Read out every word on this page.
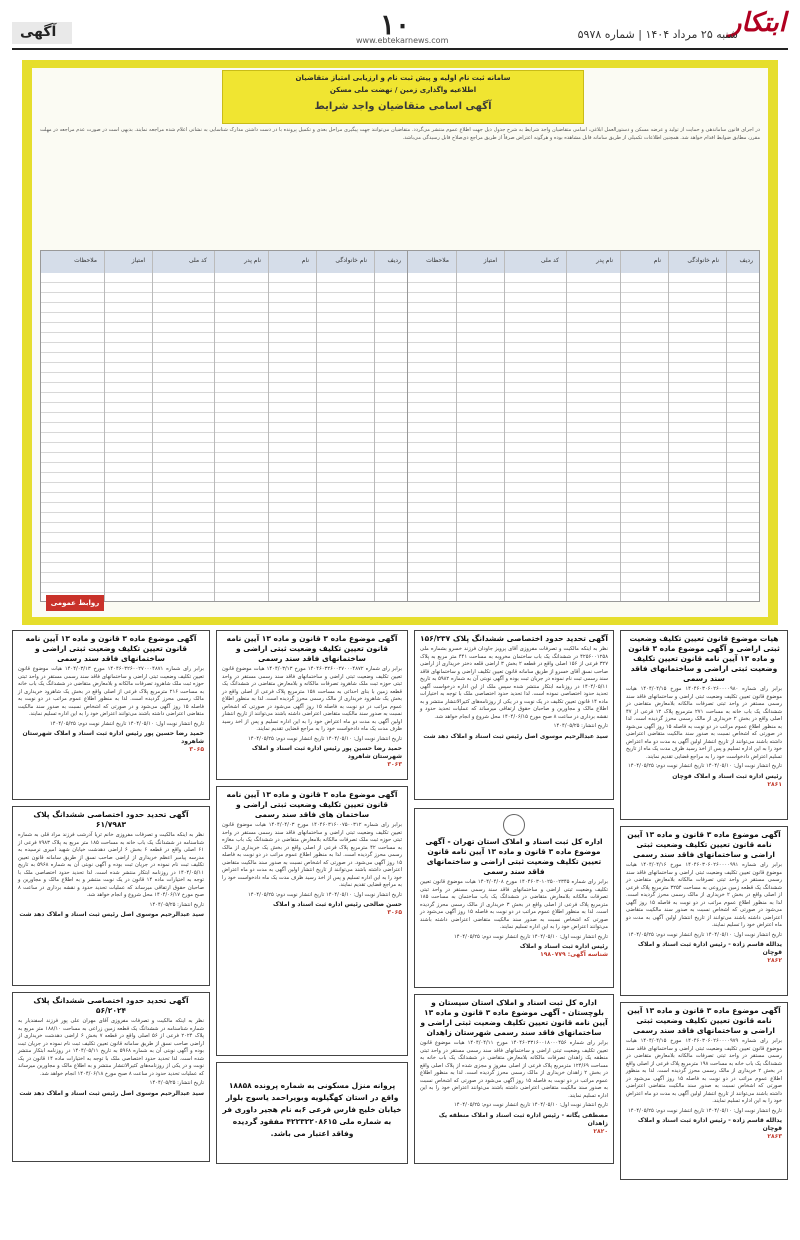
ابتکار
شنبه ۲۵ مرداد ۱۴۰۴ | شماره ۵۹۷۸
۱۰
www.ebtekarnews.com
آگهی
سامانه ثبت نام اولیه و پیش ثبت نام و ارزیابی امتیاز متقاضیان
اطلاعیه واگذاری زمین / نهضت ملی مسکن
آگهی اسامی متقاضیان واجد شرایط
در اجرای قانون ساماندهی و حمایت از تولید و عرضه مسکن و دستورالعمل ابلاغی، اسامی متقاضیان واجد شرایط به شرح جدول ذیل جهت اطلاع عموم منتشر می‌گردد. متقاضیان می‌توانند جهت پیگیری مراحل بعدی و تکمیل پرونده با در دست داشتن مدارک شناسایی به نشانی اعلام شده مراجعه نمایند. بدیهی است در صورت عدم مراجعه در مهلت مقرر، مطابق ضوابط اقدام خواهد شد. همچنین اطلاعات تکمیلی از طریق سامانه قابل مشاهده بوده و هرگونه اعتراض صرفاً از طریق مراجع ذی‌صلاح قابل رسیدگی می‌باشد.
ردیف
نام خانوادگی
نام
نام پدر
کد ملی
امتیاز
ملاحظات
ردیف
نام خانوادگی
نام
نام پدر
کد ملی
امتیاز
ملاحظات
روابط عمومی
هیات موضوع قانون تعیین تکلیف وضعیت ثبتی اراضی و آگهی موضوع ماده ۳ قانون و ماده ۱۳ آیین نامه قانون تعیین تکلیف وضعیت ثبتی اراضی و ساختمانهای فاقد سند رسمی
برابر رای شماره ۱۴۰۴۶۰۳۰۶۰۲۶۰۰۰۰۹۸۰ مورخ ۱۴۰۴/۰۴/۱۵ هیات موضوع قانون تعیین تکلیف وضعیت ثبتی اراضی و ساختمانهای فاقد سند رسمی مستقر در واحد ثبتی تصرفات مالکانه بلامعارض متقاضی در ششدانگ یک باب خانه به مساحت ۲۷۱ مترمربع پلاک ۱۲ فرعی از ۴۷ اصلی واقع در بخش ۲ خریداری از مالک رسمی محرز گردیده است. لذا به منظور اطلاع عموم مراتب در دو نوبت به فاصله ۱۵ روز آگهی می‌شود در صورتی که اشخاص نسبت به صدور سند مالکیت متقاضی اعتراضی داشته باشند می‌توانند از تاریخ انتشار اولین آگهی به مدت دو ماه اعتراض خود را به این اداره تسلیم و پس از اخذ رسید ظرف مدت یک ماه از تاریخ تسلیم اعتراض دادخواست خود را به مراجع قضایی تقدیم نمایند.
تاریخ انتشار نوبت اول: ۱۴۰۴/۰۵/۱۰ تاریخ انتشار نوبت دوم: ۱۴۰۴/۰۵/۲۵
رئیس اداره ثبت اسناد و املاک قوچان
۲۸۶۱
آگهی تحدید حدود اختصاصی ششدانگ پلاک ۱۵۶/۲۳۷
نظر به اینکه مالکیت و تصرفات مفروزی آقای پرویز جاودان فرزند خسرو بشماره ملی ۴۲۵۶۰۰۱۲۵۸ در ششدانگ یک باب ساختمان مخروبه به مساحت ۴۴۱ متر مربع به پلاک ۳۲۷ فرعی از ۱۵۶ اصلی واقع در قطعه ۲ بخش ۳ اراضی قلعه دختر خریداری از اراضی صاحب نسق آقای خسرو از طریق سامانه قانون تعیین تکلیف اراضی و ساختمانهای فاقد سند رسمی ثبت نام نموده در جریان ثبت بوده و آگهی نوبتی آن به شماره ۵۹۸۲ به تاریخ ۱۴۰۴/۰۵/۱۱ در روزنامه ابتکار منتشر شده سپس ملک از این اداره درخواست آگهی تحدید حدود اختصاصی نموده است. لذا تحدید حدود اختصاصی ملک با توجه به اختیارات ماده ۱۴ قانون تعیین تکلیف در یک نوبت و در یکی از روزنامه‌های کثیرالانتشار منتشر و به اطلاع مالک و مجاورین و صاحبان حقوق ارتفاقی میرساند که عملیات تحدید حدود و نقشه برداری در ساعت ۸ صبح مورخ ۱۴۰۴/۰۶/۱۵ محل شروع و انجام خواهد شد.
تاریخ انتشار: ۱۴۰۴/۰۵/۲۵
سید عبدالرحیم موسوی اصل رئیس ثبت اسناد و املاک دهد شت
آگهی موضوع ماده ۳ قانون و ماده ۱۳ آیین نامه قانون تعیین تکلیف وضعیت ثبتی اراضی و ساختمانهای فاقد سند رسمی
برابر رای شماره ۱۴۰۴۶۰۳۲۶۰۰۲۷۰۰۰۴۸۷۲ مورخ ۱۴۰۴/۰۳/۱۳ هیات موضوع قانون تعیین تکلیف وضعیت ثبتی اراضی و ساختمانهای فاقد سند رسمی مستقر در واحد ثبتی حوزه ثبت ملک شاهرود تصرفات مالکانه و بلامعارض متقاضی در ششدانگ یک قطعه زمین با بنای احداثی به مساحت ۱۵۸ مترمربع پلاک فرعی از اصلی واقع در بخش یک شاهرود خریداری از مالک رسمی محرز گردیده است. لذا به منظور اطلاع عموم مراتب در دو نوبت به فاصله ۱۵ روز آگهی می‌شود در صورتی که اشخاص نسبت به صدور سند مالکیت متقاضی اعتراضی داشته باشند می‌توانند از تاریخ انتشار اولین آگهی به مدت دو ماه اعتراض خود را به این اداره تسلیم و پس از اخذ رسید ظرف مدت یک ماه دادخواست خود را به مراجع قضایی تقدیم نمایند.
تاریخ انتشار نوبت اول: ۱۴۰۴/۰۵/۱۰ تاریخ انتشار نوبت دوم: ۱۴۰۴/۰۵/۲۵
حمید رضا حسین پور رئیس اداره ثبت اسناد و املاک شهرستان شاهرود
۳۰۶۳
آگهی موضوع ماده ۳ قانون و ماده ۱۳ آیین نامه قانون تعیین تکلیف وضعیت ثبتی اراضی و ساختمانهای فاقد سند رسمی
برابر رای شماره ۱۴۰۴۶۰۳۲۶۰۰۲۷۰۰۰۴۸۷۱ مورخ ۱۴۰۴/۰۳/۱۳ هیات موضوع قانون تعیین تکلیف وضعیت ثبتی اراضی و ساختمانهای فاقد سند رسمی مستقر در واحد ثبتی حوزه ثبت ملک شاهرود تصرفات مالکانه و بلامعارض متقاضی در ششدانگ یک باب خانه به مساحت ۲۱۶ مترمربع پلاک فرعی از اصلی واقع در بخش یک شاهرود خریداری از مالک رسمی محرز گردیده است. لذا به منظور اطلاع عموم مراتب در دو نوبت به فاصله ۱۵ روز آگهی می‌شود و در صورتی که اشخاص نسبت به صدور سند مالکیت متقاضی اعتراضی داشته باشند می‌توانند اعتراض خود را به این اداره تسلیم نمایند.
تاریخ انتشار نوبت اول: ۱۴۰۴/۰۵/۱۰ تاریخ انتشار نوبت دوم: ۱۴۰۴/۰۵/۲۵
حمید رضا حسین پور رئیس اداره ثبت اسناد و املاک شهرستان شاهرود
۳۰۶۵
آگهی موضوع ماده ۳ قانون و ماده ۱۳ آیین نامه قانون تعیین تکلیف وضعیت ثبتی اراضی و ساختمانهای فاقد سند رسمی
برابر رای شماره ۱۴۰۴۶۰۳۰۶۰۲۶۰۰۰۰۹۹۱ مورخ ۱۴۰۴/۰۴/۱۶ هیات موضوع قانون تعیین تکلیف وضعیت ثبتی اراضی و ساختمانهای فاقد سند رسمی مستقر در واحد ثبتی تصرفات مالکانه بلامعارض متقاضی در ششدانگ یک قطعه زمین مزروعی به مساحت ۳۲۵۴ مترمربع پلاک فرعی از اصلی واقع در بخش ۲ خریداری از مالک رسمی محرز گردیده است. لذا به منظور اطلاع عموم مراتب در دو نوبت به فاصله ۱۵ روز آگهی می‌شود در صورتی که اشخاص نسبت به صدور سند مالکیت متقاضی اعتراضی داشته باشند می‌توانند از تاریخ انتشار اولین آگهی به مدت دو ماه اعتراض خود را تسلیم نمایند.
تاریخ انتشار نوبت اول: ۱۴۰۴/۰۵/۱۰ تاریخ انتشار نوبت دوم: ۱۴۰۴/۰۵/۲۵
یدالله قاسم زاده - رئیس اداره ثبت اسناد و املاک قوچان
۲۸۶۲
اداره کل ثبت اسناد و املاک استان تهران - آگهی موضوع ماده ۳ قانون و ماده ۱۳ آیین نامه قانون تعیین تکلیف وضعیت ثبتی اراضی و ساختمانهای فاقد سند رسمی
برابر رای شماره ۱۴۰۴۶۰۳۰۱۰۲۵۰۰۲۳۴۵ مورخ ۱۴۰۴/۰۴/۰۸ هیات موضوع قانون تعیین تکلیف وضعیت ثبتی اراضی و ساختمانهای فاقد سند رسمی مستقر در واحد ثبتی تصرفات مالکانه بلامعارض متقاضی در ششدانگ یک باب ساختمان به مساحت ۱۸۵ مترمربع پلاک فرعی از اصلی واقع در بخش ۳ خریداری از مالک رسمی محرز گردیده است. لذا به منظور اطلاع عموم مراتب در دو نوبت به فاصله ۱۵ روز آگهی می‌شود در صورتی که اشخاص نسبت به صدور سند مالکیت متقاضی اعتراضی داشته باشند می‌توانند اعتراض خود را به این اداره تسلیم نمایند.
تاریخ انتشار نوبت اول: ۱۴۰۴/۰۵/۱۰ تاریخ انتشار نوبت دوم: ۱۴۰۴/۰۵/۲۵
رئیس اداره ثبت اسناد و املاک
شناسه آگهی: ۱۹۸۰۷۷۹
آگهی موضوع ماده ۳ قانون و ماده ۱۳ آیین نامه قانون تعیین تکلیف وضعیت ثبتی اراضی و ساختمان های فاقد سند رسمی
برابر رای شماره ۱۴۰۴۶۰۳۱۶۰۰۷۵۰۰۳۱۲ مورخ ۱۴۰۴/۰۴/۰۳ هیات موضوع قانون تعیین تکلیف وضعیت ثبتی اراضی و ساختمانهای فاقد سند رسمی مستقر در واحد ثبتی حوزه ثبت ملک تصرفات مالکانه بلامعارض متقاضی در ششدانگ یک باب مغازه به مساحت ۴۲ مترمربع پلاک فرعی از اصلی واقع در بخش یک خریداری از مالک رسمی محرز گردیده است. لذا به منظور اطلاع عموم مراتب در دو نوبت به فاصله ۱۵ روز آگهی می‌شود. در صورتی که اشخاص نسبت به صدور سند مالکیت متقاضی اعتراضی داشته باشند می‌توانند از تاریخ انتشار اولین آگهی به مدت دو ماه اعتراض خود را به این اداره تسلیم و پس از اخذ رسید ظرف مدت یک ماه دادخواست خود را به مراجع قضایی تقدیم نمایند.
تاریخ انتشار نوبت اول: ۱۴۰۴/۰۵/۱۰ تاریخ انتشار نوبت دوم: ۱۴۰۴/۰۵/۲۵
حسن صالحی رئیس اداره ثبت اسناد و املاک
۳۰۶۵
آگهی تحدید حدود اختصاصی ششدانگ پلاک ۶۱/۷۹۸۳
نظر به اینکه مالکیت و تصرفات مفروزی خانم ثریا آذرشب فرزند مراد قلی به شماره شناسنامه در ششدانگ یک باب خانه به مساحت ۱۸۵ متر مربع به پلاک ۷۹۸۳ فرعی از ۶۱ اصلی واقع در قطعه ۶ بخش ۶ اراضی دهدشت خیابان شهید امیری نرسیده به مدرسه پیامبر اعظم خریداری از اراضی صاحب نسق از طریق سامانه قانون تعیین تکلیف ثبت نام نموده در جریان ثبت بوده و آگهی نوبتی آن به شماره ۵۹۶۸ به تاریخ ۱۴۰۴/۰۵/۱۱ در روزنامه ابتکار منتشر شده است. لذا تحدید حدود اختصاصی ملک با توجه به اختیارات ماده ۱۴ قانون در یک نوبت منتشر و به اطلاع مالک و مجاورین و صاحبان حقوق ارتفاقی میرساند که عملیات تحدید حدود و نقشه برداری در ساعت ۸ صبح مورخ ۱۴۰۴/۰۶/۱۷ محل شروع و انجام خواهد شد.
تاریخ انتشار: ۱۴۰۴/۰۵/۲۵
سید عبدالرحیم موسوی اصل رئیس ثبت اسناد و املاک دهد شت
آگهی تحدید حدود اختصاصی ششدانگ پلاک ۵۶/۲۰۲۴
نظر به اینکه مالکیت و تصرفات مفروزی آقای مهران علی پور فرزند اسفندیار به شماره شناسنامه در ششدانگ یک قطعه زمین زراعی به مساحت ۱۸۸/۱۰ متر مربع به پلاک ۲۰۲۴ فرعی از ۵۶ اصلی واقع در قطعه ۷ بخش ۶ اراضی دهدشت خریداری از اراضی صاحب نسق از طریق سامانه قانون تعیین تکلیف ثبت نام نموده در جریان ثبت بوده و آگهی نوبتی آن به شماره ۵۹۶۸ به تاریخ ۱۴۰۴/۰۵/۱۱ در روزنامه ابتکار منتشر شده است. لذا تحدید حدود اختصاصی ملک با توجه به اختیارات ماده ۱۴ قانون در یک نوبت و در یکی از روزنامه‌های کثیرالانتشار منتشر و به اطلاع مالک و مجاورین میرساند که عملیات تحدید حدود در ساعت ۸ صبح مورخ ۱۴۰۴/۰۶/۱۸ انجام خواهد شد.
تاریخ انتشار: ۱۴۰۴/۰۵/۲۵
سید عبدالرحیم موسوی اصل رئیس ثبت اسناد و املاک دهد شت
اداره کل ثبت اسناد و املاک استان سیستان و بلوچستان - آگهی موضوع ماده ۳ قانون و ماده ۱۳ آیین نامه قانون تعیین تکلیف وضعیت ثبتی اراضی و ساختمانهای فاقد سند رسمی شهرستان زاهدان
برابر رای شماره ۱۴۰۴۶۰۳۳۱۶۰۰۱۸۰۰۰۴۵۶ مورخ ۱۴۰۴/۰۴/۱۱ هیات موضوع قانون تعیین تکلیف وضعیت ثبتی اراضی و ساختمانهای فاقد سند رسمی مستقر در واحد ثبتی منطقه یک زاهدان تصرفات مالکانه بلامعارض متقاضی در ششدانگ یک باب خانه به مساحت ۱۲۴/۶۹ مترمربع پلاک فرعی از اصلی مفروز و مجزی شده از پلاک اصلی واقع در بخش ۲ زاهدان خریداری از مالک رسمی محرز گردیده است. لذا به منظور اطلاع عموم مراتب در دو نوبت به فاصله ۱۵ روز آگهی می‌شود در صورتی که اشخاص نسبت به صدور سند مالکیت متقاضی اعتراضی داشته باشند می‌توانند اعتراض خود را به این اداره تسلیم نمایند.
تاریخ انتشار نوبت اول: ۱۴۰۴/۰۵/۱۰ تاریخ انتشار نوبت دوم: ۱۴۰۴/۰۵/۲۵
مصطفی یگانه - رئیس اداره ثبت اسناد و املاک منطقه یک زاهدان
۲۸۲۰
آگهی موضوع ماده ۳ قانون و ماده ۱۳ آیین نامه قانون تعیین تکلیف وضعیت ثبتی اراضی و ساختمانهای فاقد سند رسمی
برابر رای شماره ۱۴۰۴۶۰۳۰۶۰۲۶۰۰۰۰۹۷۹ مورخ ۱۴۰۴/۰۴/۱۵ هیات موضوع قانون تعیین تکلیف وضعیت ثبتی اراضی و ساختمانهای فاقد سند رسمی مستقر در واحد ثبتی تصرفات مالکانه بلامعارض متقاضی در ششدانگ یک باب خانه به مساحت ۱۹۸ مترمربع پلاک فرعی از اصلی واقع در بخش ۲ خریداری از مالک رسمی محرز گردیده است. لذا به منظور اطلاع عموم مراتب در دو نوبت به فاصله ۱۵ روز آگهی می‌شود در صورتی که اشخاص نسبت به صدور سند مالکیت متقاضی اعتراضی داشته باشند می‌توانند از تاریخ انتشار اولین آگهی به مدت دو ماه اعتراض خود را به این اداره تسلیم نمایند.
تاریخ انتشار نوبت اول: ۱۴۰۴/۰۵/۱۰ تاریخ انتشار نوبت دوم: ۱۴۰۴/۰۵/۲۵
یدالله قاسم زاده - رئیس اداره ثبت اسناد و املاک قوچان
۲۸۶۳
پروانه منزل مسکونی به شماره پرونده ۱۸۸۵۸ واقع در استان کهگیلویه وبویراحمد یاسوج بلوار خیابان خلیج فارس فرعی ۶به نام هجیر داوری فر به شماره ملی ۴۲۲۳۲۲۰۸۶۱۵ مفقود گردیده وفاقد اعتبار می باشد.
